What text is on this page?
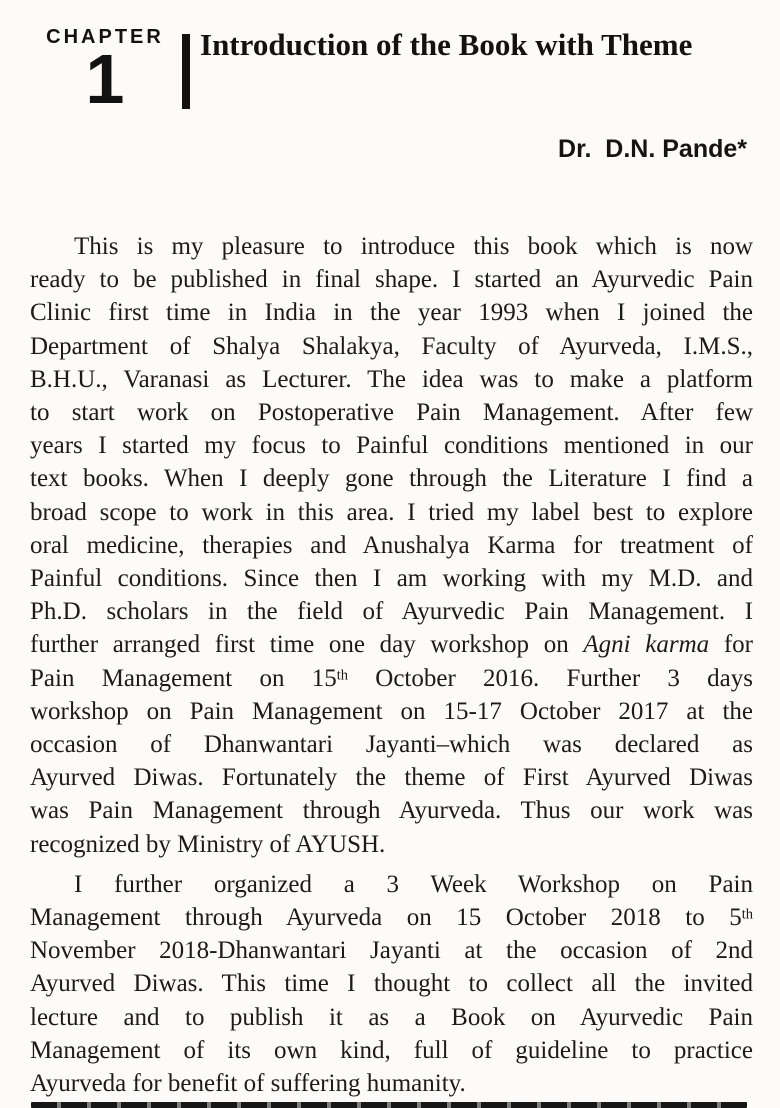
CHAPTER
1	Introduction of the Book with Theme
Dr.  D.N. Pande*
This is my pleasure to introduce this book which is now
ready to be published in final shape. I started an Ayurvedic Pain
Clinic first time in India in the year 1993 when I joined the
Department of Shalya Shalakya, Faculty of Ayurveda, I.M.S.,
B.H.U., Varanasi as Lecturer. The idea was to make a platform
to start work on Postoperative Pain Management. After few
years I started my focus to Painful conditions mentioned in our
text books. When I deeply gone through the Literature I find a
broad scope to work in this area. I tried my label best to explore
oral medicine, therapies and Anushalya Karma for treatment of
Painful conditions. Since then I am working with my M.D. and
Ph.D. scholars in the field of Ayurvedic Pain Management. I
further arranged first time one day workshop on Agni karma for
Pain Management on 15th October 2016. Further 3 days
workshop on Pain Management on 15-17 October 2017 at the
occasion of Dhanwantari Jayanti–which was declared as
Ayurved Diwas. Fortunately the theme of First Ayurved Diwas
was Pain Management through Ayurveda. Thus our work was
recognized by Ministry of AYUSH.
I further organized a 3 Week Workshop on Pain
Management through Ayurveda on 15 October 2018 to 5th
November 2018-Dhanwantari Jayanti at the occasion of 2nd
Ayurved Diwas. This time I thought to collect all the invited
lecture and to publish it as a Book on Ayurvedic Pain
Management of its own kind, full of guideline to practice
Ayurveda for benefit of suffering humanity.
